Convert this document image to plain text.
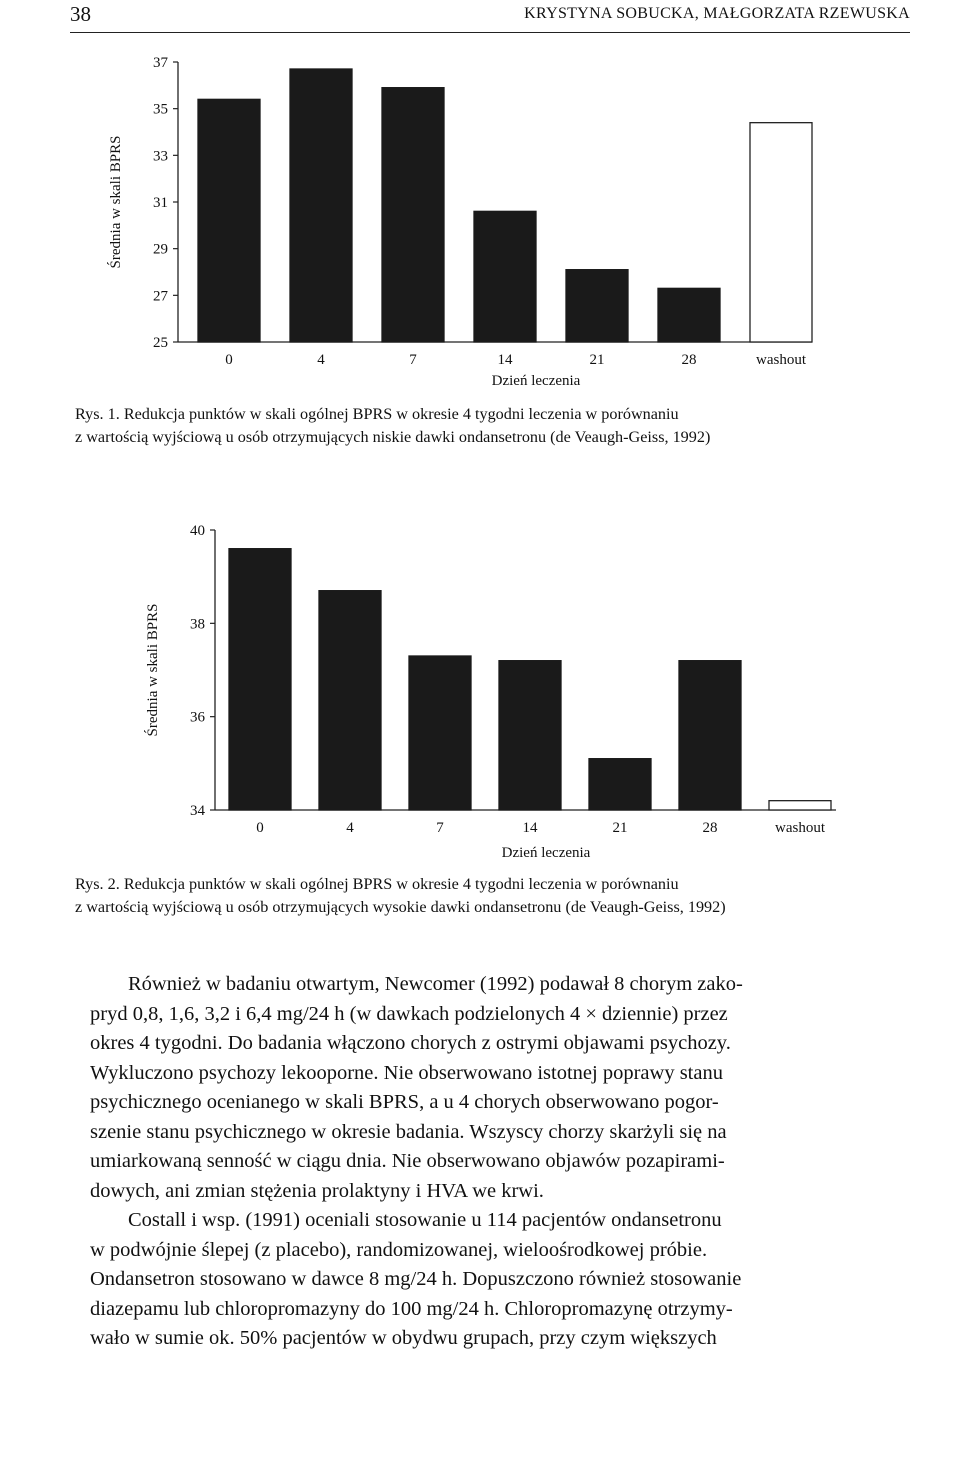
38	KRYSTYNA SOBUCKA, MAŁGORZATA RZEWUSKA
25
27
29
31
33
35
37
Średnia w skali BPRS
0	4	7	14	21	28	washout
Dzień leczenia

Rys. 1. Redukcja punktów w skali ogólnej BPRS w okresie 4 tygodni leczenia w porównaniu

z wartością wyjściową u osób otrzymujących niskie dawki ondansetronu (de Veaugh-Geiss, 1992)

34
36
38
40
Średnia w skali BPRS
0	4	7	14	21	28	washout
Dzień leczenia

Rys. 2. Redukcja punktów w skali ogólnej BPRS w okresie 4 tygodni leczenia w porównaniu

z wartością wyjściową u osób otrzymujących wysokie dawki ondansetronu (de Veaugh-Geiss, 1992)

Również w badaniu otwartym, Newcomer (1992) podawał 8 chorym zako-

pryd 0,8, 1,6, 3,2 i 6,4 mg/24 h (w dawkach podzielonych 4 × dziennie) przez

okres 4 tygodni. Do badania włączono chorych z ostrymi objawami psychozy.

Wykluczono psychozy lekooporne. Nie obserwowano istotnej poprawy stanu

psychicznego ocenianego w skali BPRS, a u 4 chorych obserwowano pogor-

szenie stanu psychicznego w okresie badania. Wszyscy chorzy skarżyli się na

umiarkowaną senność w ciągu dnia. Nie obserwowano objawów pozapirami-

dowych, ani zmian stężenia prolaktyny i HVA we krwi.

Costall i wsp. (1991) oceniali stosowanie u 114 pacjentów ondansetronu

w podwójnie ślepej (z placebo), randomizowanej, wieloośrodkowej próbie.

Ondansetron stosowano w dawce 8 mg/24 h. Dopuszczono również stosowanie

diazepamu lub chloropromazyny do 100 mg/24 h. Chloropromazynę otrzymy-

wało w sumie ok. 50% pacjentów w obydwu grupach, przy czym większych
